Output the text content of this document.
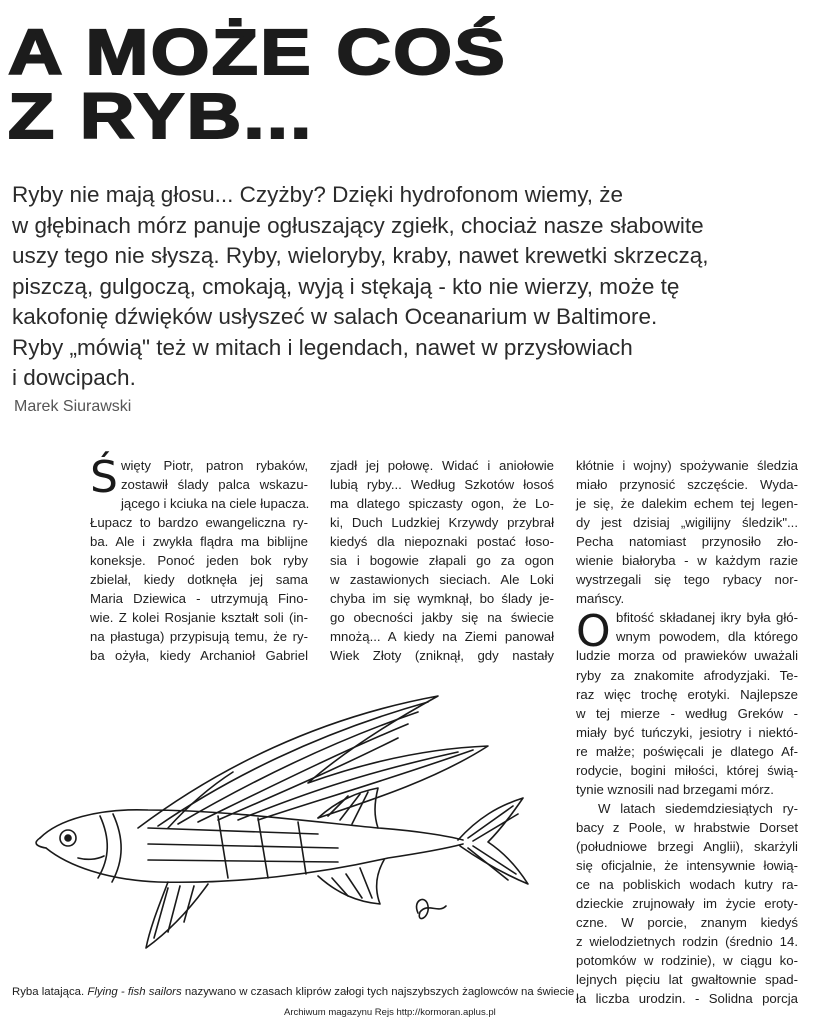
A MOŻE COŚ
Z RYB...

Ryby nie mają głosu... Czyżby? Dzięki hydrofonom wiemy, że
w głębinach mórz panuje ogłuszający zgiełk, chociaż nasze słabowite
uszy tego nie słyszą. Ryby, wieloryby, kraby, nawet krewetki skrzeczą,
piszczą, gulgoczą, cmokają, wyją i stękają - kto nie wierzy, może tę
kakofonię dźwięków usłyszeć w salach Oceanarium w Baltimore.
Ryby „mówią" też w mitach i legendach, nawet w przysłowiach
i dowcipach.

Marek Siurawski
Ś więty Piotr, patron rybaków,
zostawił ślady palca wskazu-
jącego i kciuka na ciele łupacza.
Łupacz to bardzo ewangeliczna ry-
ba. Ale i zwykła flądra ma biblijne
koneksje. Ponoć jeden bok ryby
zbielał, kiedy dotknęła jej sama
Maria Dziewica - utrzymują Fino-
wie. Z kolei Rosjanie kształt soli (in-
na płastuga) przypisują temu, że ry-
ba ożyła, kiedy Archanioł Gabriel
zjadł jej połowę. Widać i aniołowie
lubią ryby... Według Szkotów łosoś
ma dlatego spiczasty ogon, że Lo-
ki, Duch Ludzkiej Krzywdy przybrał
kiedyś dla niepoznaki postać łoso-
sia i bogowie złapali go za ogon
w zastawionych sieciach. Ale Loki
chyba im się wymknął, bo ślady je-
go obecności jakby się na świecie
mnożą... A kiedy na Ziemi panował
Wiek Złoty (zniknął, gdy nastały
kłótnie i wojny) spożywanie śledzia
miało przynosić szczęście. Wyda-
je się, że dalekim echem tej legen-
dy jest dzisiaj „wigilijny śledzik"...
Pecha natomiast przynosiło zło-
wienie białoryba - w każdym razie
wystrzegali się tego rybacy nor-
mańscy.
bfitość składanej ikry była głó-
wnym powodem, dla którego
ludzie morza od prawieków uważali
ryby za znakomite afrodyzjaki. Te-
raz więc trochę erotyki. Najlepsze
w tej mierze - według Greków -
miały być tuńczyki, jesiotry i niektó-
re małże; poświęcali je dlatego Af-
rodycie, bogini miłości, której świą-
tynie wznosili nad brzegami mórz.
W latach siedemdziesiątych ry-
bacy z Poole, w hrabstwie Dorset
(południowe brzegi Anglii), skarżyli
się oficjalnie, że intensywnie łowią-
ce na pobliskich wodach kutry ra-
dzieckie zrujnowały im życie eroty-
czne. W porcie, znanym kiedyś
z wielodzietnych rodzin (średnio 14.
potomków w rodzinie), w ciągu ko-
lejnych pięciu lat gwałtownie spad-
ła liczba urodzin. - Solidna porcja
O
Ryba latająca. Flying - fish sailors nazywano w czasach kliprów załogi tych najszybszych żaglowców na świecie
Archiwum magazynu Rejs http://kormoran.aplus.pl
